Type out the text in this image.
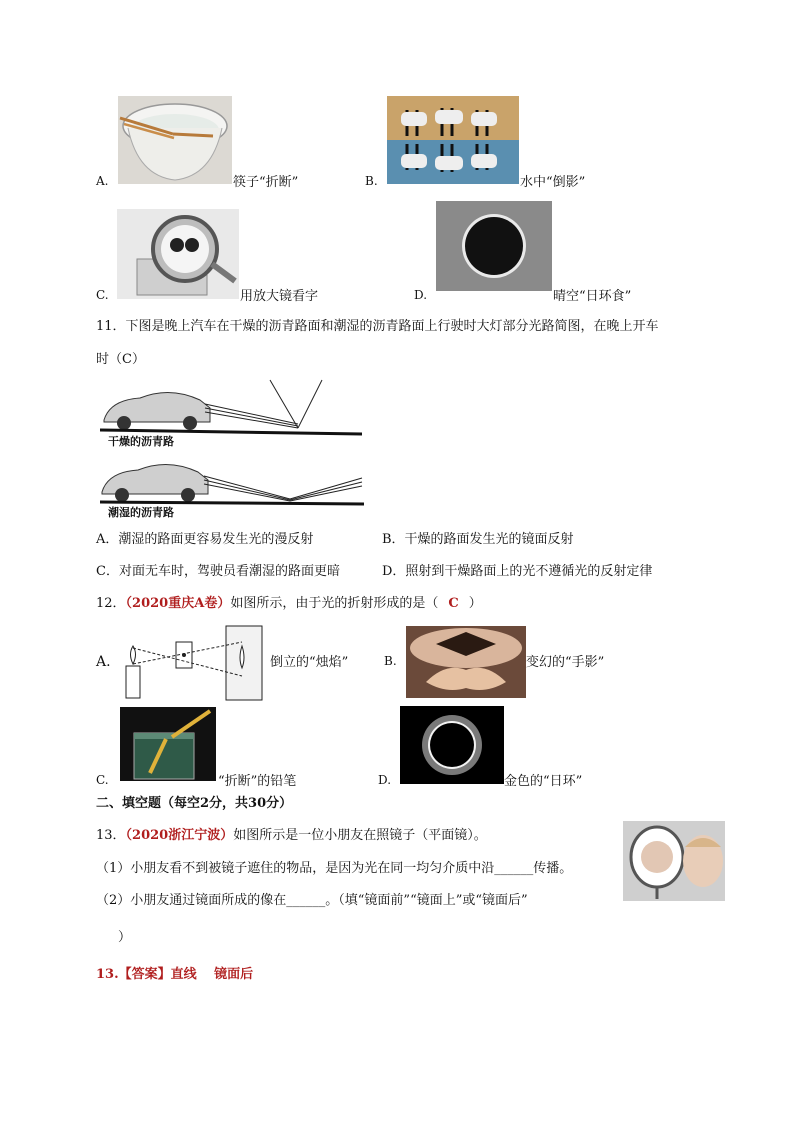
A.	筷子“折断”	B.	水中“倒影”
C.	用放大镜看字	D.	晴空“日环食”
11．下图是晚上汽车在干燥的沥青路面和潮湿的沥青路面上行驶时大灯部分光路简图，在晚上开车
时（C）
干燥的沥青路
潮湿的沥青路
A．潮湿的路面更容易发生光的漫反射	B．干燥的路面发生光的镜面反射
C．对面无车时，驾驶员看潮湿的路面更暗	D．照射到干燥路面上的光不遵循光的反射定律
12．（2020重庆A卷）如图所示，由于光的折射形成的是（ C ）
A.	倒立的“烛焰”	B.	变幻的“手影”
C.	“折断”的铅笔	D.	金色的“日环”
二、填空题（每空2分，共30分）
13．（2020浙江宁波）如图所示是一位小朋友在照镜子（平面镜）。
（1）小朋友看不到被镜子遮住的物品，是因为光在同一均匀介质中沿______传播。
（2）小朋友通过镜面所成的像在______。（填“镜面前”“镜面上”或“镜面后”
）
13.【答案】直线　 镜面后
